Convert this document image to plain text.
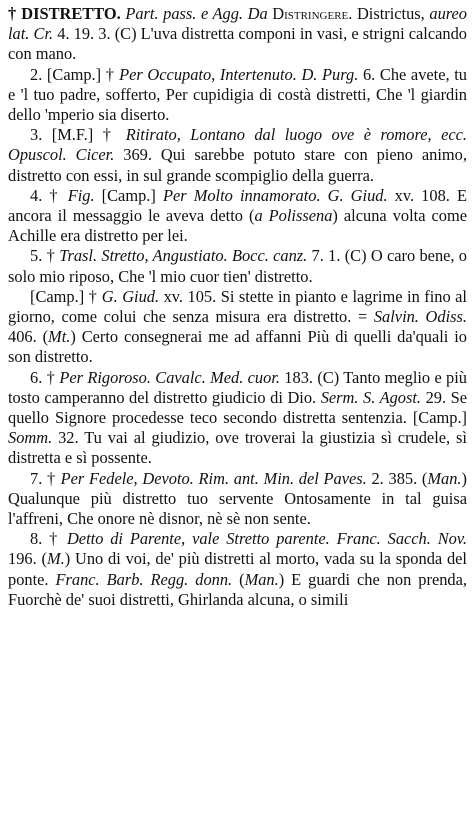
† DISTRETTO. Part. pass. e Agg. Da Distringere. Districtus, aureo lat. Cr. 4. 19. 3. (C) L'uva distretta componi in vasi, e strigni calcando con mano.

2. [Camp.] † Per Occupato, Intertenuto. D. Purg. 6. Che avete, tu e 'l tuo padre, sofferto, Per cupidigia di costà distretti, Che 'l giardin dello 'mperio sia diserto.

3. [M.F.] † Ritirato, Lontano dal luogo ove è romore, ecc. Opuscol. Cicer. 369. Qui sarebbe potuto stare con pieno animo, distretto con essi, in sul grande scompiglio della guerra.

4. † Fig. [Camp.] Per Molto innamorato. G. Giud. xv. 108. E ancora il messaggio le aveva detto (a Polissena) alcuna volta come Achille era distretto per lei.

5. † Trasl. Stretto, Angustiato. Bocc. canz. 7. 1. (C) O caro bene, o solo mio riposo, Che 'l mio cuor tien' distretto.

[Camp.] † G. Giud. xv. 105. Si stette in pianto e lagrime in fino al giorno, come colui che senza misura era distretto. = Salvin. Odiss. 406. (Mt.) Certo consegnerai me ad affanni Più di quelli da'quali io son distretto.

6. † Per Rigoroso. Cavalc. Med. cuor. 183. (C) Tanto meglio e più tosto camperanno del distretto giudicio di Dio. Serm. S. Agost. 29. Se quello Signore procedesse teco secondo distretta sentenzia. [Camp.] Somm. 32. Tu vai al giudizio, ove troverai la giustizia sì crudele, sì distretta e sì possente.

7. † Per Fedele, Devoto. Rim. ant. Min. del Paves. 2. 385. (Man.) Qualunque più distretto tuo servente Ontosamente in tal guisa l'affreni, Che onore nè disnor, nè sè non sente.

8. † Detto di Parente, vale Stretto parente. Franc. Sacch. Nov. 196. (M.) Uno di voi, de' più distretti al morto, vada su la sponda del ponte. Franc. Barb. Regg. donn. (Man.) E guardi che non prenda, Fuorchè de' suoi distretti, Ghirlanda alcuna, o simili
